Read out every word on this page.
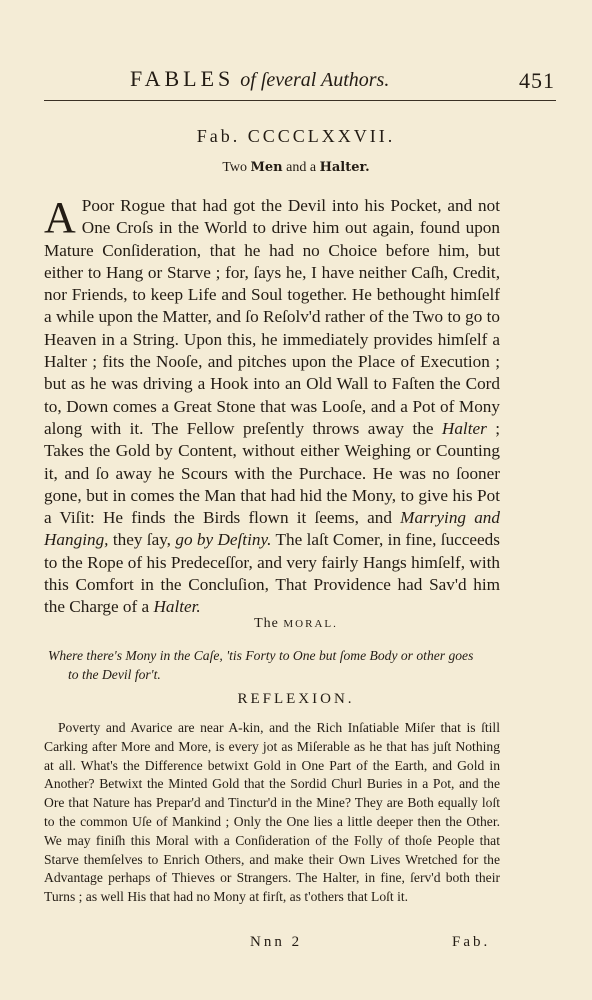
FABLES of ſeveral Authors.	451
Fab. CCCCLXXVII.
Two Men and a Halter.
A Poor Rogue that had got the Devil into his Pocket, and not One Croſs in the World to drive him out again, found upon Mature Conſideration, that he had no Choice before him, but either to Hang or Starve ; for, ſays he, I have neither Caſh, Credit, nor Friends, to keep Life and Soul together. He bethought himſelf a while upon the Matter, and ſo Reſolv'd rather of the Two to go to Heaven in a String. Upon this, he immediately provides himſelf a Halter ; fits the Nooſe, and pitches upon the Place of Execution ; but as he was driving a Hook into an Old Wall to Faſten the Cord to, Down comes a Great Stone that was Looſe, and a Pot of Mony along with it. The Fellow preſently throws away the Halter ; Takes the Gold by Content, without either Weighing or Counting it, and ſo away he Scours with the Purchace. He was no ſooner gone, but in comes the Man that had hid the Mony, to give his Pot a Viſit: He finds the Birds flown it ſeems, and Marrying and Hanging, they ſay, go by Deſtiny. The laſt Comer, in fine, ſucceeds to the Rope of his Predeceſſor, and very fairly Hangs himſelf, with this Comfort in the Concluſion, That Providence had Sav'd him the Charge of a Halter.
The MORAL.
Where there's Mony in the Caſe, 'tis Forty to One but ſome Body or other goes
to the Devil for't.
REFLEXION.
Poverty and Avarice are near A-kin, and the Rich Inſatiable Miſer that is ſtill Carking after More and More, is every jot as Miſerable as he that has juſt Nothing at all. What's the Difference betwixt Gold in One Part of the Earth, and Gold in Another? Betwixt the Minted Gold that the Sordid Churl Buries in a Pot, and the Ore that Nature has Prepar'd and Tinctur'd in the Mine? They are Both equally loſt to the common Uſe of Mankind ; Only the One lies a little deeper then the Other. We may finiſh this Moral with a Conſideration of the Folly of thoſe People that Starve themſelves to Enrich Others, and make their Own Lives Wretched for the Advantage perhaps of Thieves or Strangers. The Halter, in fine, ſerv'd both their Turns ; as well His that had no Mony at firſt, as t'others that Loſt it.
Nnn 2	Fab.
